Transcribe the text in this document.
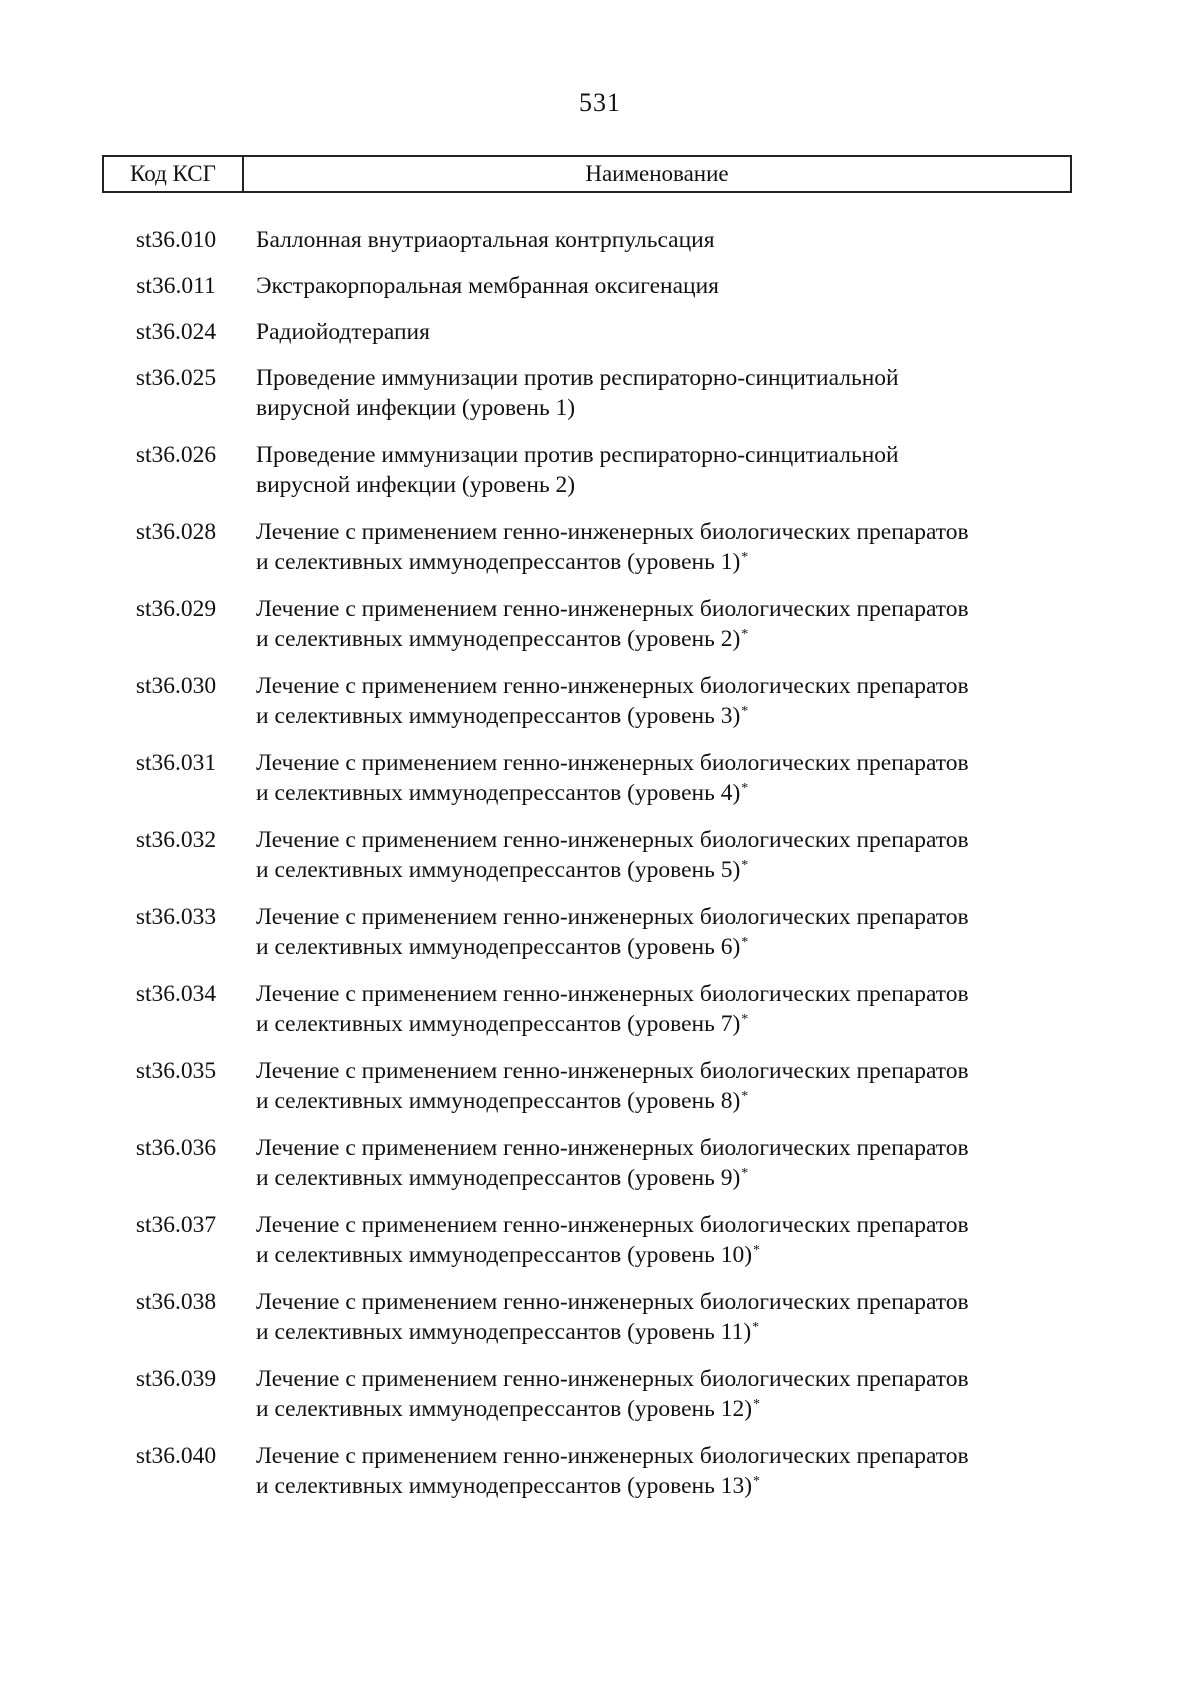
531
Код КСГ	Наименование
st36.010	Баллонная внутриаортальная контрпульсация
st36.011	Экстракорпоральная мембранная оксигенация
st36.024	Радиойодтерапия
st36.025	Проведение иммунизации против респираторно-синцитиальной
вирусной инфекции (уровень 1)
st36.026	Проведение иммунизации против респираторно-синцитиальной
вирусной инфекции (уровень 2)
st36.028	Лечение с применением генно-инженерных биологических препаратов
и селективных иммунодепрессантов (уровень 1)*
st36.029	Лечение с применением генно-инженерных биологических препаратов
и селективных иммунодепрессантов (уровень 2)*
st36.030	Лечение с применением генно-инженерных биологических препаратов
и селективных иммунодепрессантов (уровень 3)*
st36.031	Лечение с применением генно-инженерных биологических препаратов
и селективных иммунодепрессантов (уровень 4)*
st36.032	Лечение с применением генно-инженерных биологических препаратов
и селективных иммунодепрессантов (уровень 5)*
st36.033	Лечение с применением генно-инженерных биологических препаратов
и селективных иммунодепрессантов (уровень 6)*
st36.034	Лечение с применением генно-инженерных биологических препаратов
и селективных иммунодепрессантов (уровень 7)*
st36.035	Лечение с применением генно-инженерных биологических препаратов
и селективных иммунодепрессантов (уровень 8)*
st36.036	Лечение с применением генно-инженерных биологических препаратов
и селективных иммунодепрессантов (уровень 9)*
st36.037	Лечение с применением генно-инженерных биологических препаратов
и селективных иммунодепрессантов (уровень 10)*
st36.038	Лечение с применением генно-инженерных биологических препаратов
и селективных иммунодепрессантов (уровень 11)*
st36.039	Лечение с применением генно-инженерных биологических препаратов
и селективных иммунодепрессантов (уровень 12)*
st36.040	Лечение с применением генно-инженерных биологических препаратов
и селективных иммунодепрессантов (уровень 13)*
